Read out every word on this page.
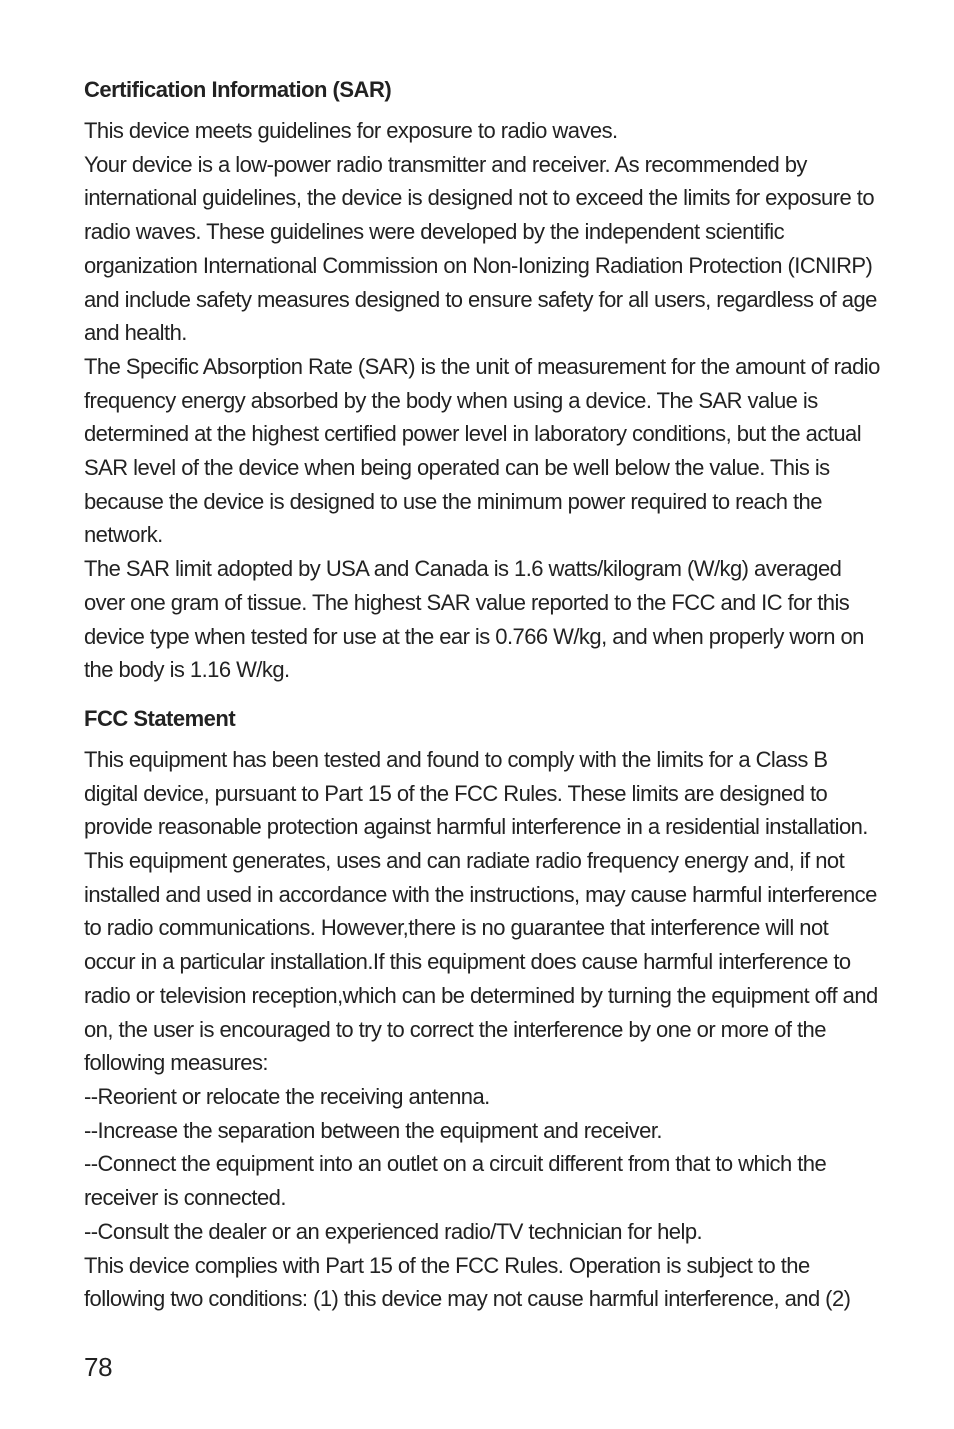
Certification Information (SAR)

This device meets guidelines for exposure to radio waves.

Your device is a low-power radio transmitter and receiver. As recommended by international guidelines, the device is designed not to exceed the limits for exposure to radio waves. These guidelines were developed by the independent scientific organization International Commission on Non-Ionizing Radiation Protection (ICNIRP) and include safety measures designed to ensure safety for all users, regardless of age and health.

The Specific Absorption Rate (SAR) is the unit of measurement for the amount of radio frequency energy absorbed by the body when using a device. The SAR value is determined at the highest certified power level in laboratory conditions, but the actual SAR level of the device when being operated can be well below the value. This is because the device is designed to use the minimum power required to reach the network.

The SAR limit adopted by USA and Canada is 1.6 watts/kilogram (W/kg) averaged over one gram of tissue. The highest SAR value reported to the FCC and IC for this device type when tested for use at the ear is 0.766 W/kg, and when properly worn on the body is 1.16 W/kg.

FCC Statement

This equipment has been tested and found to comply with the limits for a Class B digital device, pursuant to Part 15 of the FCC Rules. These limits are designed to provide reasonable protection against harmful interference in a residential installation. This equipment generates, uses and can radiate radio frequency energy and, if not installed and used in accordance with the instructions, may cause harmful interference to radio communications. However,there is no guarantee that interference will not occur in a particular installation.If this equipment does cause harmful interference to radio or television reception,which can be determined by turning the equipment off and on, the user is encouraged to try to correct the interference by one or more of the following measures:

--Reorient or relocate the receiving antenna.

--Increase the separation between the equipment and receiver.

--Connect the equipment into an outlet on a circuit different from that to which the receiver is connected.

--Consult the dealer or an experienced radio/TV technician for help.

This device complies with Part 15 of the FCC Rules. Operation is subject to the following two conditions: (1) this device may not cause harmful interference, and (2)

78
